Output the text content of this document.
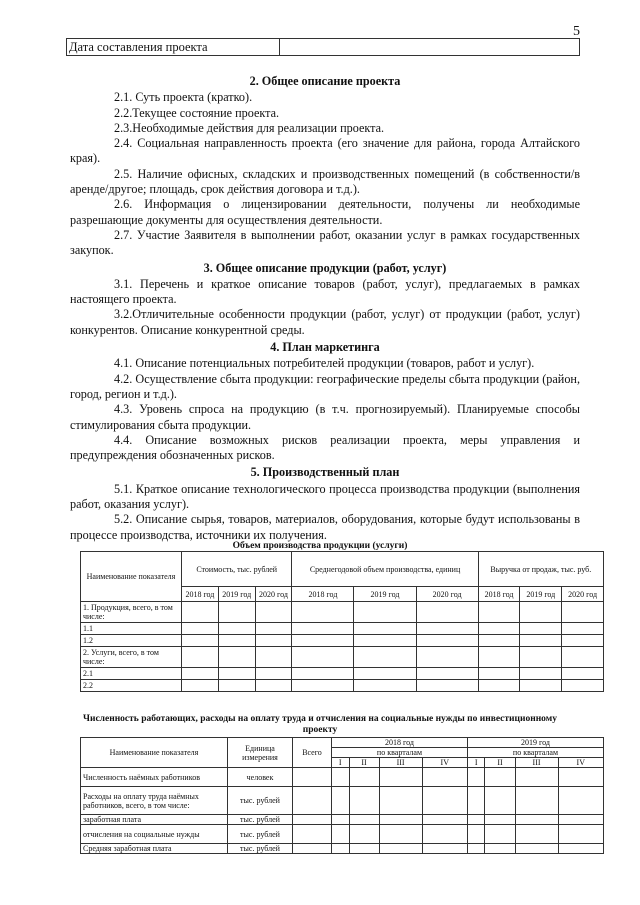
5
Дата составления проекта	
2. Общее описание проекта

2.1. Суть проекта (кратко).

2.2.Текущее состояние проекта.

2.3.Необходимые действия для реализации проекта.

2.4. Социальная направленность проекта (его значение для района, города Алтайского края).

2.5. Наличие офисных, складских и производственных помещений (в собственности/в аренде/другое; площадь, срок действия договора и т.д.).

2.6. Информация о лицензировании деятельности, получены ли необходимые разрешающие документы для осуществления деятельности.

2.7. Участие Заявителя в выполнении работ, оказании услуг в рамках государственных закупок.

3. Общее описание продукции (работ, услуг)

3.1. Перечень и краткое описание товаров (работ, услуг), предлагаемых в рамках настоящего проекта.

3.2.Отличительные особенности продукции (работ, услуг) от продукции (работ, услуг) конкурентов. Описание конкурентной среды.

4. План маркетинга

4.1. Описание потенциальных потребителей продукции (товаров, работ и услуг).

4.2. Осуществление сбыта продукции: географические пределы сбыта продукции (район, город, регион и т.д.).

4.3. Уровень спроса на продукцию (в т.ч. прогнозируемый). Планируемые способы стимулирования сбыта продукции.

4.4. Описание возможных рисков реализации проекта, меры управления и предупреждения обозначенных рисков.

5. Производственный план

5.1. Краткое описание технологического процесса производства продукции (выполнения работ, оказания услуг).

5.2. Описание сырья, товаров, материалов, оборудования, которые будут использованы в процессе производства, источники их получения.

Объем производства продукции (услуги)
Наименование показателя	Стоимость, тыс. рублей			Среднегодовой объем производства, единиц			Выручка от продаж, тыс. руб.		
	2018 год	2019 год	2020 год	2018 год	2019 год	2020 год	2018 год	2019 год	2020 год
1. Продукция, всего, в том числе:									
1.1									
1.2									
2. Услуги, всего, в том числе:									
2.1									
2.2									
Численность работающих, расходы на оплату труда и отчисления на социальные нужды по инвестиционному проекту
Наименование показателя	Единица измерения	Всего	2018 год				2019 год			
			по кварталам				по кварталам			
			I	II	III	IV	I	II	III	IV
Численность наёмных работников	человек									
Расходы на оплату труда наёмных работников, всего, в том числе:	тыс. рублей									
заработная плата	тыс. рублей									
отчисления на социальные нужды	тыс. рублей									
Средняя заработная плата	тыс. рублей									
